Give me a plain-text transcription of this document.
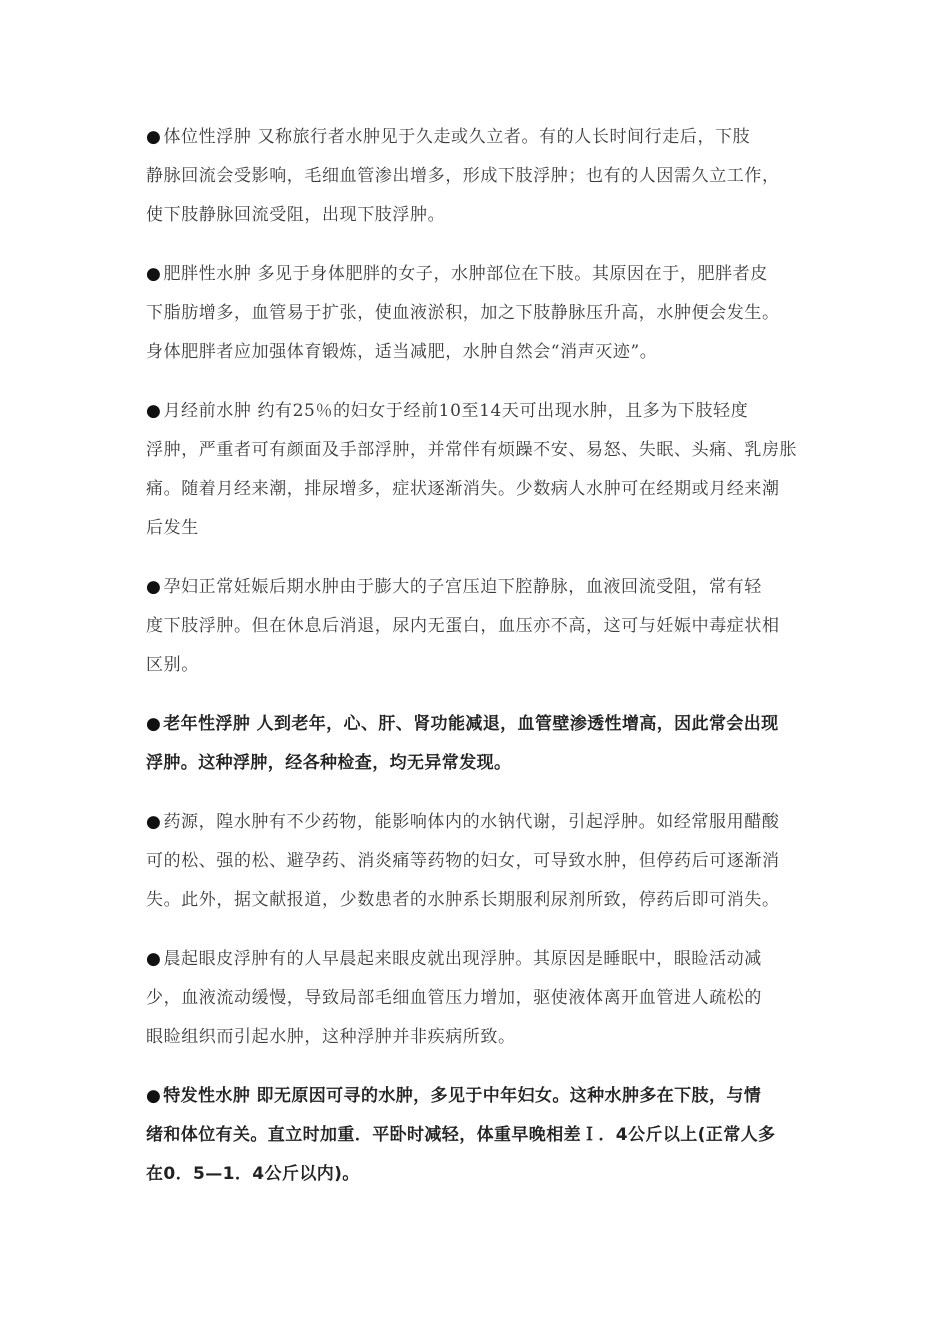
● 体位性浮肿 又称旅行者水肿见于久走或久立者。有的人长时间行走后，下肢
静脉回流会受影响，毛细血管渗出增多，形成下肢浮肿；也有的人因需久立工作，
使下肢静脉回流受阻，出现下肢浮肿。
● 肥胖性水肿 多见于身体肥胖的女子，水肿部位在下肢。其原因在于，肥胖者皮
下脂肪增多，血管易于扩张，使血液淤积，加之下肢静脉压升高，水肿便会发生。
身体肥胖者应加强体育锻炼，适当减肥，水肿自然会“消声灭迹”。
● 月经前水肿 约有25％的妇女于经前10至14天可出现水肿，且多为下肢轻度
浮肿，严重者可有颜面及手部浮肿，并常伴有烦躁不安、易怒、失眠、头痛、乳房胀
痛。随着月经来潮，排尿增多，症状逐渐消失。少数病人水肿可在经期或月经来潮
后发生
● 孕妇正常妊娠后期水肿由于膨大的子宫压迫下腔静脉，血液回流受阻，常有轻
度下肢浮肿。但在休息后消退，尿内无蛋白，血压亦不高，这可与妊娠中毒症状相
区别。
● 老年性浮肿 人到老年，心、肝、肾功能减退，血管壁渗透性增高，因此常会出现
浮肿。这种浮肿，经各种检查，均无异常发现。
● 药源，隍水肿有不少药物，能影响体内的水钠代谢，引起浮肿。如经常服用醋酸
可的松、强的松、避孕药、消炎痛等药物的妇女，可导致水肿，但停药后可逐渐消
失。此外，据文献报道，少数患者的水肿系长期服利尿剂所致，停药后即可消失。
● 晨起眼皮浮肿有的人早晨起来眼皮就出现浮肿。其原因是睡眠中，眼睑活动减
少，血液流动缓慢，导致局部毛细血管压力增加，驱使液体离开血管进人疏松的
眼睑组织而引起水肿，这种浮肿并非疾病所致。
● 特发性水肿 即无原因可寻的水肿，多见于中年妇女。这种水肿多在下肢，与情
绪和体位有关。直立时加重．平卧时减轻，体重早晚相差Ｉ．4公斤以上(正常人多
在0．5—1．4公斤以内)。
